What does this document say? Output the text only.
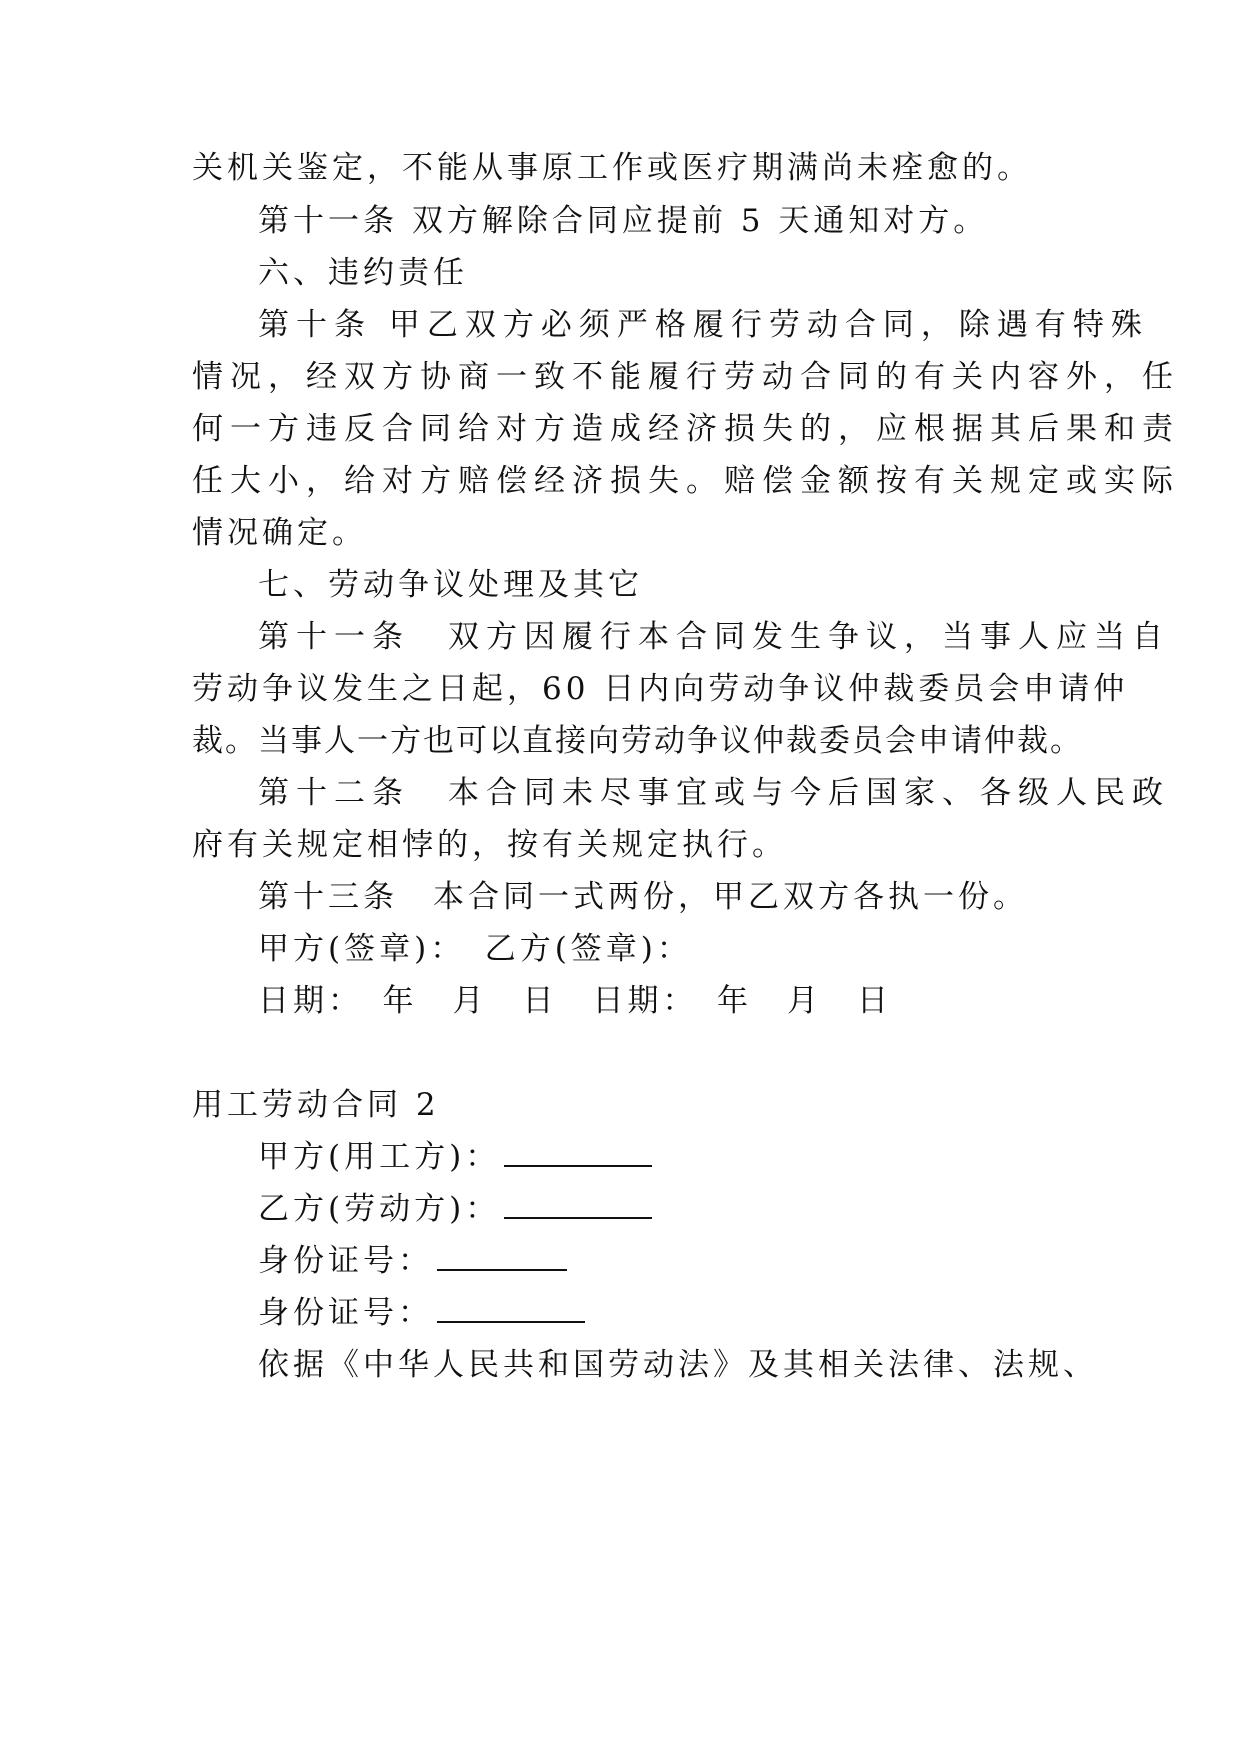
关机关鉴定，不能从事原工作或医疗期满尚未痊愈的。
第十一条 双方解除合同应提前 5 天通知对方。
六、违约责任
第十条 甲乙双方必须严格履行劳动合同，除遇有特殊
情况，经双方协商一致不能履行劳动合同的有关内容外，任
何一方违反合同给对方造成经济损失的，应根据其后果和责
任大小，给对方赔偿经济损失。赔偿金额按有关规定或实际
情况确定。
七、劳动争议处理及其它
第十一条　双方因履行本合同发生争议，当事人应当自
劳动争议发生之日起，60 日内向劳动争议仲裁委员会申请仲
裁。当事人一方也可以直接向劳动争议仲裁委员会申请仲裁。
第十二条　本合同未尽事宜或与今后国家、各级人民政
府有关规定相悖的，按有关规定执行。
第十三条　本合同一式两份，甲乙双方各执一份。
甲方(签章)：　乙方(签章)：
日期：　年　月　日　日期：　年　月　日
用工劳动合同 2
甲方(用工方)：
乙方(劳动方)：
身份证号：
身份证号：
依据《中华人民共和国劳动法》及其相关法律、法规、
